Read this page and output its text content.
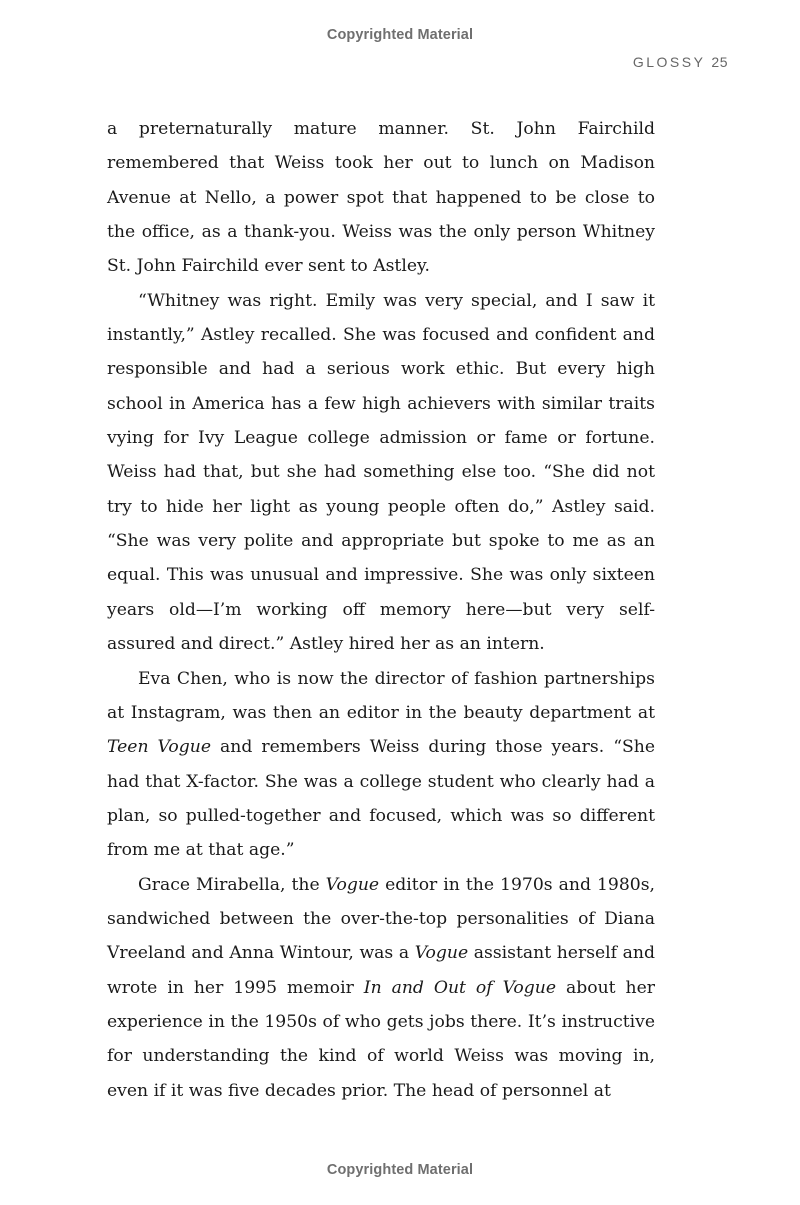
Copyrighted Material
GLOSSY 25

a preternaturally mature manner. St. John Fairchild remembered that Weiss took her out to lunch on Madison Avenue at Nello, a power spot that happened to be close to the office, as a thank-you. Weiss was the only person Whitney St. John Fairchild ever sent to Astley.

“Whitney was right. Emily was very special, and I saw it instantly,” Astley recalled. She was focused and confident and responsible and had a serious work ethic. But every high school in America has a few high achievers with similar traits vying for Ivy League college admission or fame or fortune. Weiss had that, but she had something else too. “She did not try to hide her light as young people often do,” Astley said. “She was very polite and appropriate but spoke to me as an equal. This was unusual and impressive. She was only sixteen years old—I’m working off memory here—but very self-assured and direct.” Astley hired her as an intern.

Eva Chen, who is now the director of fashion partnerships at Instagram, was then an editor in the beauty department at Teen Vogue and remembers Weiss during those years. “She had that X-factor. She was a college student who clearly had a plan, so pulled-together and focused, which was so different from me at that age.”

Grace Mirabella, the Vogue editor in the 1970s and 1980s, sandwiched between the over-the-top personalities of Diana Vreeland and Anna Wintour, was a Vogue assistant herself and wrote in her 1995 memoir In and Out of Vogue about her experience in the 1950s of who gets jobs there. It’s instructive for understanding the kind of world Weiss was moving in, even if it was five decades prior. The head of personnel at

Copyrighted Material
